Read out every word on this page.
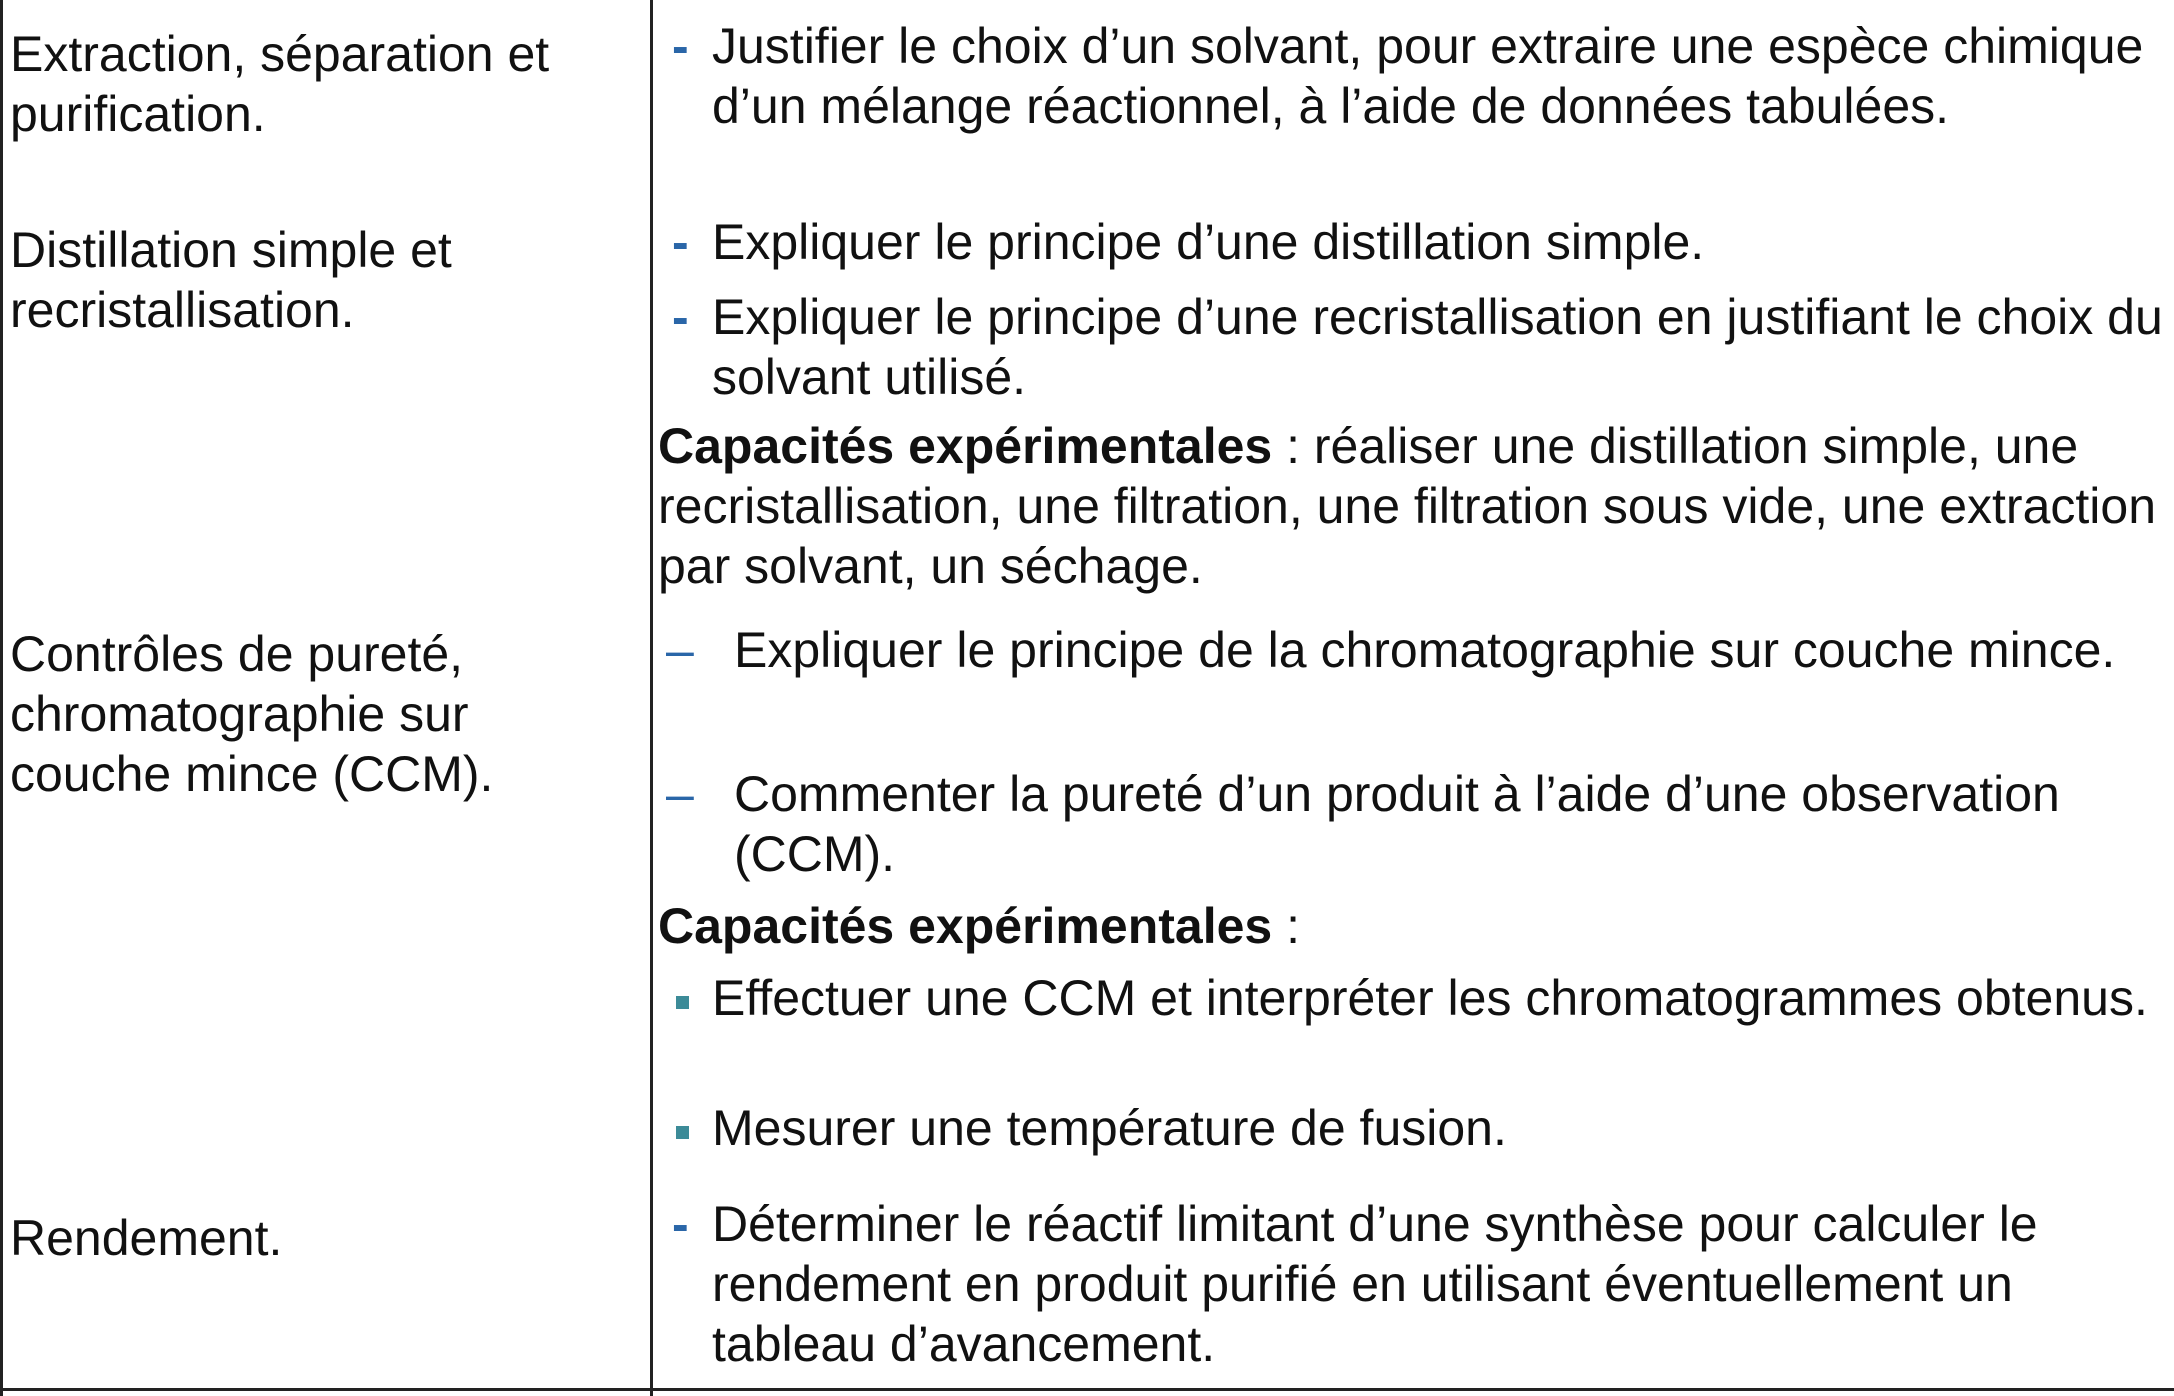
Extraction, séparation et purification.
Distillation simple et recristallisation.
Contrôles de pureté, chromatographie sur couche mince (CCM).
Rendement.
- Justifier le choix d’un solvant, pour extraire une espèce chimique d’un mélange réactionnel, à l’aide de données tabulées.
- Expliquer le principe d’une distillation simple.
- Expliquer le principe d’une recristallisation en justifiant le choix du solvant utilisé.
Capacités expérimentales : réaliser une distillation simple, une recristallisation, une filtration, une filtration sous vide, une extraction par solvant, un séchage.
– Expliquer le principe de la chromatographie sur couche mince.
– Commenter la pureté d’un produit à l’aide d’une observation (CCM).
Capacités expérimentales :
Effectuer une CCM et interpréter les chromatogrammes obtenus.
Mesurer une température de fusion.
- Déterminer le réactif limitant d’une synthèse pour calculer le rendement en produit purifié en utilisant éventuellement un tableau d’avancement.
